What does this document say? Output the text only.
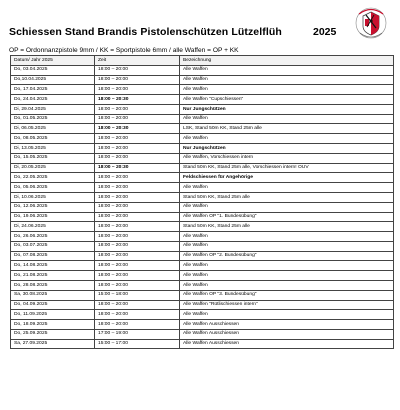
Schiessen Stand Brandis Pistolenschützen Lützelflüh	2025
OP = Ordonnanzpistole 9mm / KK = Sportpistole 6mm / alle Waffen = OP + KK
Datum/ Jahr 2025	Zeit	Bezeichnung
Do, 03.04.2025	18:00 – 20:00	Alle Waffen
Do,10.04.2025	18:00 – 20:00	Alle Waffen
Do, 17.04.2025	18:00 – 20:00	Alle Waffen
Do, 24.04.2025	18:00 – 20:30	Alle Waffen "Cupschiessen"
Di, 29.04.2025	18:00 – 20:00	Nur Jungschützen
Do, 01.05.2025	18:00 – 20:00	Alle Waffen
Di, 06.05.2025	18:00 – 20:30	LSK, Stand 50m KK, Stand 25m alle
Do, 08.05.2025	18:00 – 20:00	Alle Waffen
Di, 13.05.2025	18:00 – 20:00	Nur Jungschützen
Do, 15.05.2025	18:00 – 20:00	Alle Waffen, Vorschiessen intern
Di, 20.05.2025	18:00 – 20:30	Stand 50m KK, Stand 25m alle, Vorschiessen intern! OUV
Do, 22.05.2025	18:00 – 20:00	Feldschiessen für Angehörige
Do, 05.06.2025	18:00 – 20:00	Alle Waffen
Di, 10.06.2025	18:00 – 20:00	Stand 50m KK, Stand 25m alle
Do, 12.06.2025	18:00 – 20:00	Alle Waffen
Do, 19.06.2025	18:00 – 20:00	Alle Waffen OP "1. Bundesübung"
Di, 24.06.2025	18:00 – 20:00	Stand 50m KK, Stand 25m alle
Do, 26.06.2025	18:00 – 20:00	Alle Waffen
Do, 03.07.2025	18:00 – 20:00	Alle Waffen
Do, 07.08.2025	18:00 – 20:00	Alle Waffen OP "2. Bundesübung"
Do, 14.08.2025	18:00 – 20:00	Alle Waffen
Do, 21.08.2025	18:00 – 20:00	Alle Waffen
Do, 28.08.2025	18:00 – 20:00	Alle Waffen
Sa, 30.08.2025	15:00 – 18:00	Alle Waffen OP "3. Bundesübung"
Do, 04.09.2025	18:00 – 20:00	Alle Waffen "Rütlischiessen intern"
Do, 11.09.2025	18:00 – 20:00	Alle Waffen
Do, 18.09.2025	18:00 – 20:00	Alle Waffen Ausschiessen
Do, 25.09.2025	17:00 – 19:00	Alle Waffen Ausschiessen
Sa, 27.09.2025	15:00 – 17:00	Alle Waffen Ausschiessen
